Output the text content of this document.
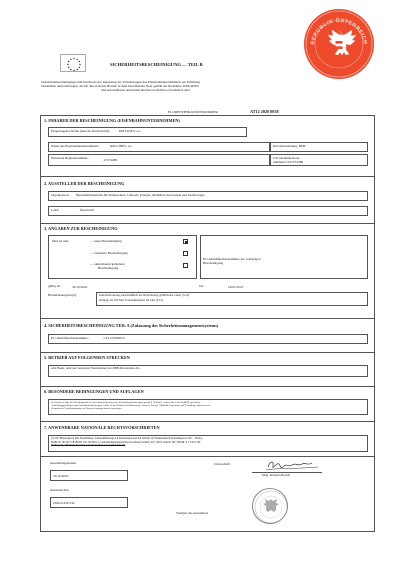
REPUBLIK ÖSTERREICH
SICHERHEITSBESCHEINIGUNG — TEIL B
Sicherheitsbescheinigung zum Nachweis der Zulassung der Vorkehrungen des Eisenbahnunternehmens zur Erfüllung
bestimmter Anforderungen, die für den sicheren Betrieb in dem betreffenden Netz gemäß der Richtlinie 2004/49/EG
und anwendbaren nationalen Rechtsvorschriften erforderlich sind
EU-IDENTIFIKATIONSNUMMER	AT12 2020 0038
1. INHABER DER BESCHEINIGUNG (EISENBAHNUNTERNEHMEN)
Eingetragener Name (einschl. Rechtsform):	RM LINES, a.s.
Name des Eisenbahnunternehmens:	RM LINES, a.s.	Kurzbezeichnung: RML
Nationale Registernummer:	27274489	USt-Identifikations-
nummer:CZ27274489
2. AUSSTELLER DER BESCHEINIGUNG
Organisation: Bundesministerium für Klimaschutz, Umwelt, Energie, Mobilität, Innovation und Technologie
Land:	Österreich
3. ANGABEN ZUR BESCHEINIGUNG
Dies ist eine	— neue Bescheinigung
— erneuerte Bescheinigung
— aktualisierte/geänderte
Bescheinigung
EU-Identifikationsnummer der vorherigen
Bescheinigung
gültig ab:	30.10.2020	bis:	26.05.2023
Betriebskategorie(n):	Güterbeförderung einschließlich der Beförderung gefährlicher Güter (3.10)
Weniger als 500 Mio Tonnenkilometer im Jahr (3.12)
4. SICHERHEITSBESCHEINIGUNG TEIL A (Zulassung des Sicherheitsmanagementsystems)
EU-Identifikationsnummer:	CZ1120180015
5. BETRIEB AUF FOLGENDEN STRECKEN
Alle Haupt- und/oder vernetzten Nebenbahnen der ÖBB-Infrastruktur AG
6. BESONDERE BEDINGUNGEN UND AUFLAGEN
Der Nachweis über die Bestellung und die Vertretung Justierung eines Eisenbahnaufsichtsorgans gemäß § 18 EisbG, welches die in der EisbBFV genannten
Anstellungsgrundlagen zum Eisenbahnaufsichtsorgan erfüllt, ist der Behörde für Klimaschutz, Umwelt, Energie, Mobilität, Innovation und Technologie spätestens vor
Zeitpunkt der Verkehrsaufnahme in Österreich unaufgefordert vorzulegen.
7. ANWENDBARE NATIONALE RECHTSVORSCHRIFTEN
(i) 1957 Bundesgesetz über Eisenbahnen, Schienenfahrzeuge auf Eisenbahnen und den Verkehr auf Eisenbahnen (Eisenbahngesetz 1957 – EisbG)
BGBl. Nr. 60/1957 idF BGBl. I Nr. 60/2019; § 5 Arbeitnehmerinnenschutzverordnung Verkehr 2017 (AVO Verkehr 2017) BGBl. II 17/2012 idF
BGBl. II Nr. 298/2018, Bescheid vom 30.10.2020, GZ. 2020-0.439.334
Ausstellungsdatum
30.10.2020
Aktenzeichen
2020-0.439.334
Unterschrift
Mag. Daniela Rauch
Stempel des Ausstellers
